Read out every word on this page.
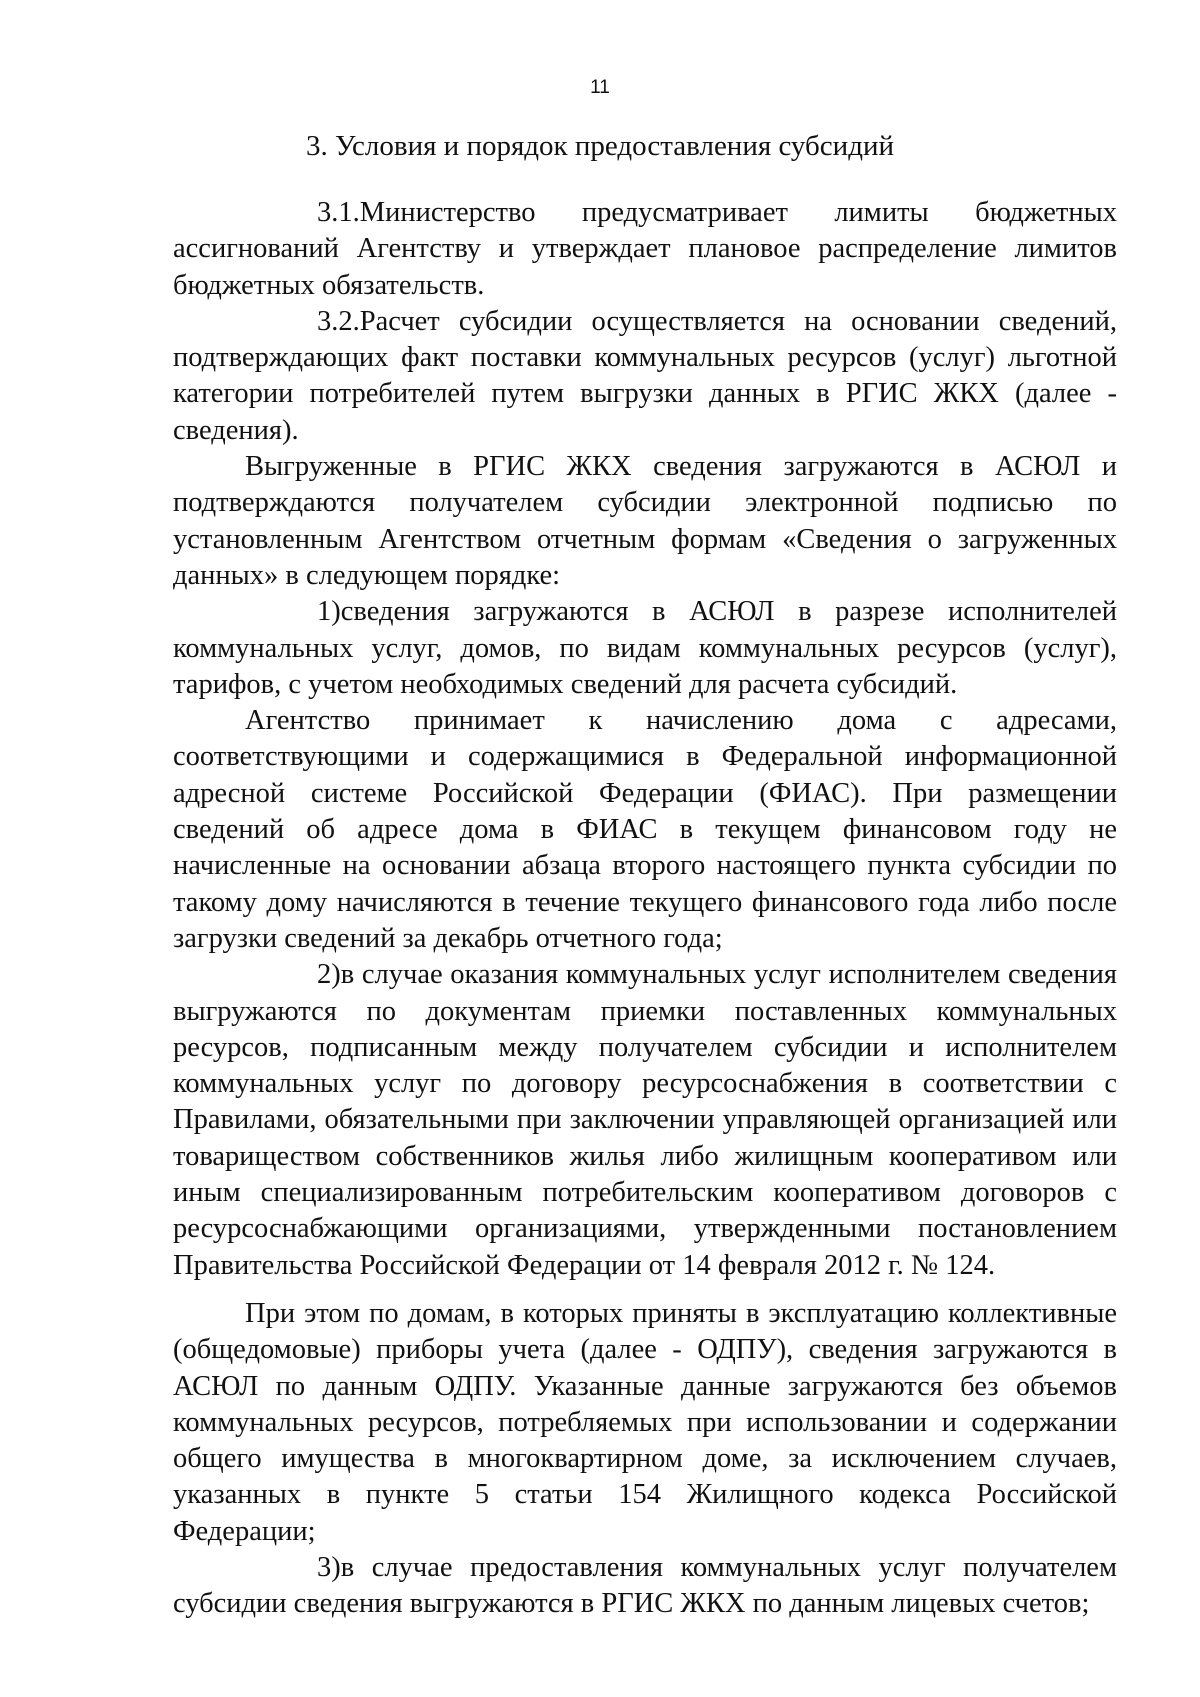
11
3. Условия и порядок предоставления субсидий

3.1.Министерство предусматривает лимиты бюджетных ассигнований Агентству и утверждает плановое распределение лимитов бюджетных обязательств.

3.2.Расчет субсидии осуществляется на основании сведений, подтверждающих факт поставки коммунальных ресурсов (услуг) льготной категории потребителей путем выгрузки данных в РГИС ЖКХ (далее - сведения).

Выгруженные в РГИС ЖКХ сведения загружаются в АСЮЛ и подтверждаются получателем субсидии электронной подписью по установленным Агентством отчетным формам «Сведения о загруженных данных» в следующем порядке:

1)сведения загружаются в АСЮЛ в разрезе исполнителей коммунальных услуг, домов, по видам коммунальных ресурсов (услуг), тарифов, с учетом необходимых сведений для расчета субсидий.

Агентство принимает к начислению дома с адресами, соответствующими и содержащимися в Федеральной информационной адресной системе Российской Федерации (ФИАС). При размещении сведений об адресе дома в ФИАС в текущем финансовом году не начисленные на основании абзаца второго настоящего пункта субсидии по такому дому начисляются в течение текущего финансового года либо после загрузки сведений за декабрь отчетного года;

2)в случае оказания коммунальных услуг исполнителем сведения выгружаются по документам приемки поставленных коммунальных ресурсов, подписанным между получателем субсидии и исполнителем коммунальных услуг по договору ресурсоснабжения в соответствии с Правилами, обязательными при заключении управляющей организацией или товариществом собственников жилья либо жилищным кооперативом или иным специализированным потребительским кооперативом договоров с ресурсоснабжающими организациями, утвержденными постановлением Правительства Российской Федерации от 14 февраля 2012 г. № 124.

При этом по домам, в которых приняты в эксплуатацию коллективные (общедомовые) приборы учета (далее - ОДПУ), сведения загружаются в АСЮЛ по данным ОДПУ. Указанные данные загружаются без объемов коммунальных ресурсов, потребляемых при использовании и содержании общего имущества в многоквартирном доме, за исключением случаев, указанных в пункте 5 статьи 154 Жилищного кодекса Российской Федерации;

3)в случае предоставления коммунальных услуг получателем субсидии сведения выгружаются в РГИС ЖКХ по данным лицевых счетов;
